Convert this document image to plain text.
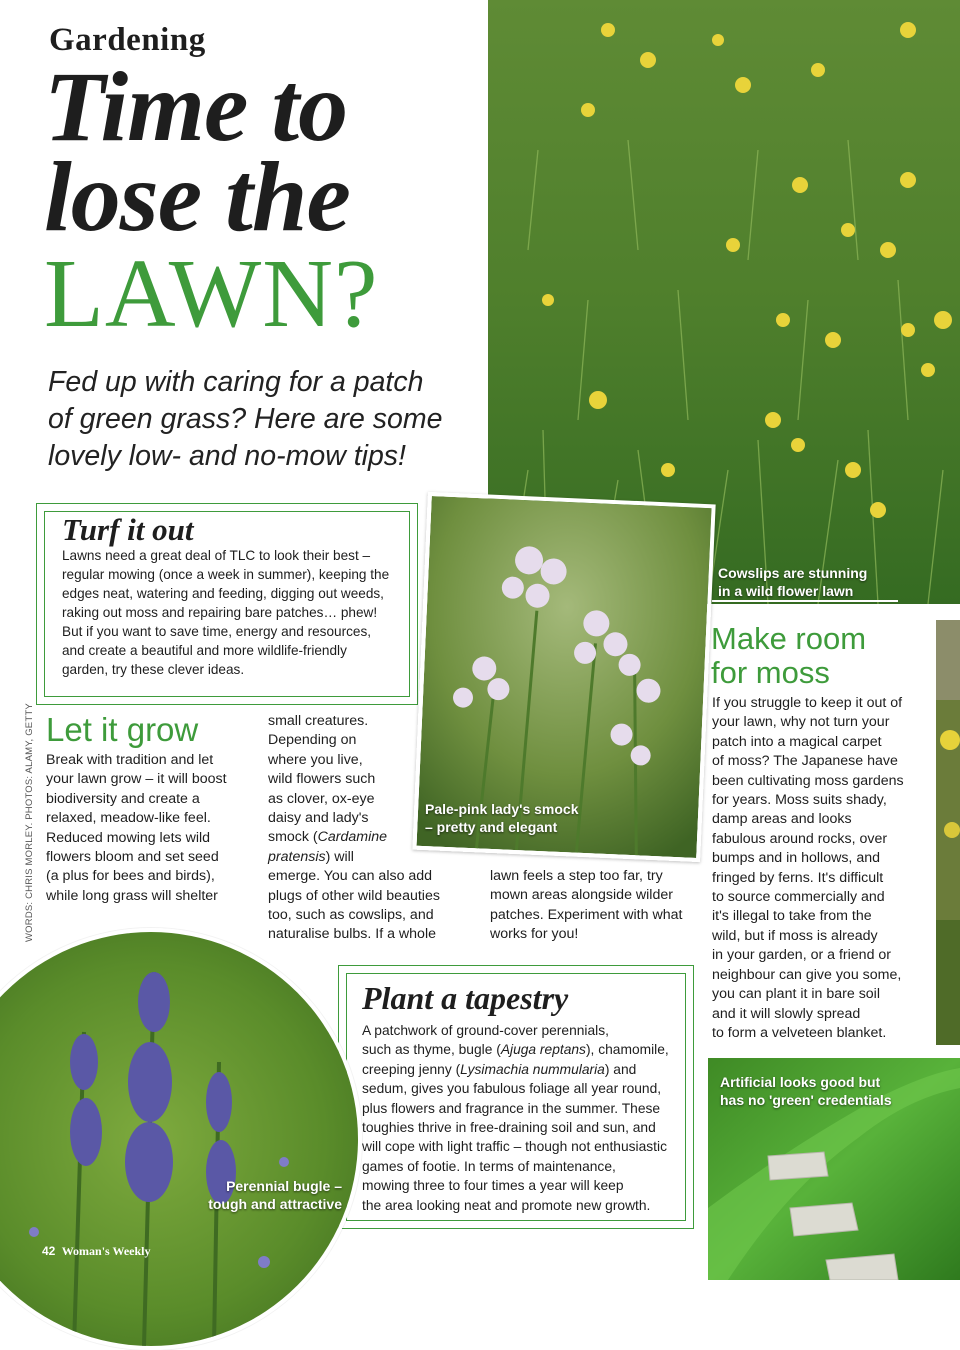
Cowslips are stunning
in a wild flower lawn
Gardening
Time to
lose the
LAWN?
Fed up with caring for a patch
of green grass? Here are some
lovely low- and no-mow tips!
Turf it out

Lawns need a great deal of TLC to look their best –

regular mowing (once a week in summer), keeping the

edges neat, watering and feeding, digging out weeds,

raking out moss and repairing bare patches… phew!

But if you want to save time, energy and resources,

and create a beautiful and more wildlife-friendly

garden, try these clever ideas.

Pale-pink lady's smock
– pretty and elegant
Let it grow

Break with tradition and let

your lawn grow – it will boost

biodiversity and create a

relaxed, meadow-like feel.

Reduced mowing lets wild

flowers bloom and set seed

(a plus for bees and birds),

while long grass will shelter

small creatures.

Depending on

where you live,

wild flowers such

as clover, ox-eye

daisy and lady's

smock (Cardamine

pratensis) will

emerge. You can also add

plugs of other wild beauties

too, such as cowslips, and

naturalise bulbs. If a whole

lawn feels a step too far, try

mown areas alongside wilder

patches. Experiment with what

works for you!

WORDS: CHRIS MORLEY. PHOTOS: ALAMY, GETTY
Make room
for moss

If you struggle to keep it out of

your lawn, why not turn your

patch into a magical carpet

of moss? The Japanese have

been cultivating moss gardens

for years. Moss suits shady,

damp areas and looks

fabulous around rocks, over

bumps and in hollows, and

fringed by ferns. It's difficult

to source commercially and

it's illegal to take from the

wild, but if moss is already

in your garden, or a friend or

neighbour can give you some,

you can plant it in bare soil

and it will slowly spread

to form a velveteen blanket.

Artificial looks good but
has no 'green' credentials
Perennial bugle –
tough and attractive
Plant a tapestry

A patchwork of ground-cover perennials,

such as thyme, bugle (Ajuga reptans), chamomile,

creeping jenny (Lysimachia nummularia) and

sedum, gives you fabulous foliage all year round,

plus flowers and fragrance in the summer. These

toughies thrive in free-draining soil and sun, and

will cope with light traffic – though not enthusiastic

games of footie. In terms of maintenance,

mowing three to four times a year will keep

the area looking neat and promote new growth.

42 Woman's Weekly
